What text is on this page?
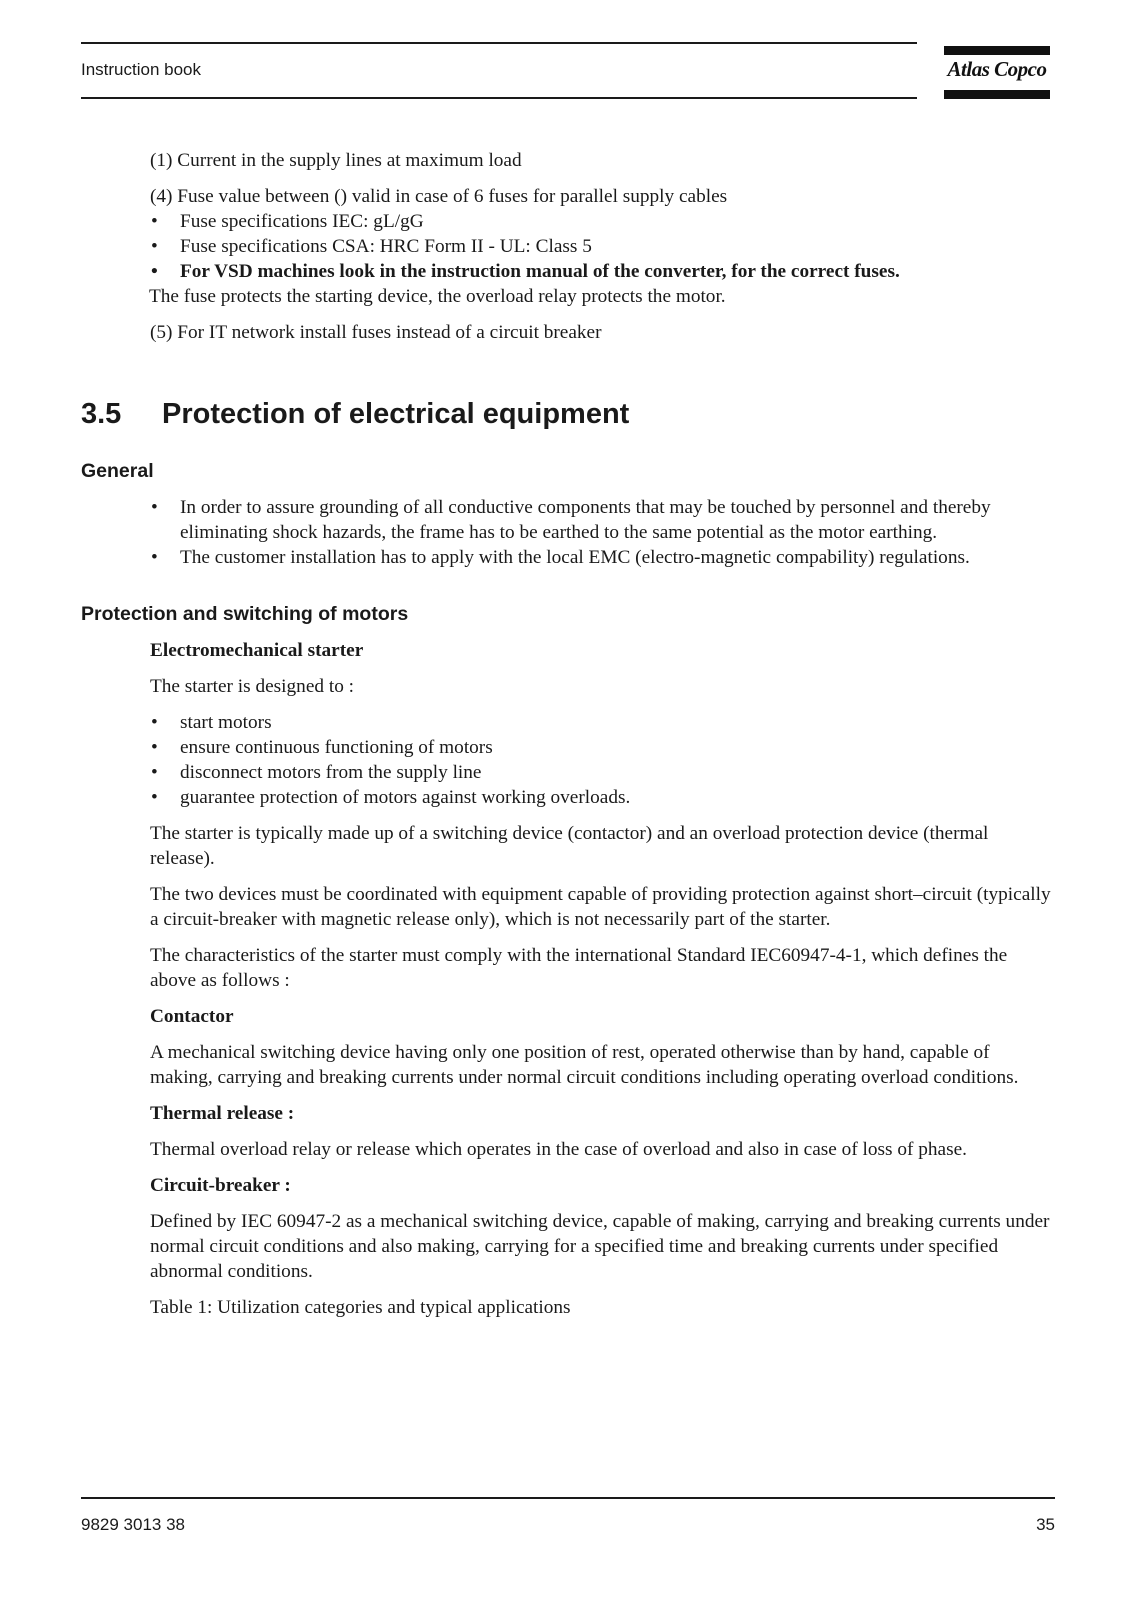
Instruction book	Atlas Copco

(1) Current in the supply lines at maximum load

(4) Fuse value between () valid in case of 6 fuses for parallel supply cables

• Fuse specifications IEC: gL/gG
• Fuse specifications CSA: HRC Form II - UL: Class 5
• For VSD machines look in the instruction manual of the converter, for the correct fuses.

The fuse protects the starting device, the overload relay protects the motor.

(5) For IT network install fuses instead of a circuit breaker

3.5 Protection of electrical equipment
General
• In order to assure grounding of all conductive components that may be touched by personnel and thereby eliminating shock hazards, the frame has to be earthed to the same potential as the motor earthing.
• The customer installation has to apply with the local EMC (electro-magnetic compability) regulations.
Protection and switching of motors

Electromechanical starter

The starter is designed to :

• start motors
• ensure continuous functioning of motors
• disconnect motors from the supply line
• guarantee protection of motors against working overloads.

The starter is typically made up of a switching device (contactor) and an overload protection device (thermal release).

The two devices must be coordinated with equipment capable of providing protection against short–circuit (typically a circuit-breaker with magnetic release only), which is not necessarily part of the starter.

The characteristics of the starter must comply with the international Standard IEC60947-4-1, which defines the above as follows :

Contactor

A mechanical switching device having only one position of rest, operated otherwise than by hand, capable of making, carrying and breaking currents under normal circuit conditions including operating overload conditions.

Thermal release :

Thermal overload relay or release which operates in the case of overload and also in case of loss of phase.

Circuit-breaker :

Defined by IEC 60947-2 as a mechanical switching device, capable of making, carrying and breaking currents under normal circuit conditions and also making, carrying for a specified time and breaking currents under specified abnormal conditions.

Table 1: Utilization categories and typical applications

9829 3013 38	35
